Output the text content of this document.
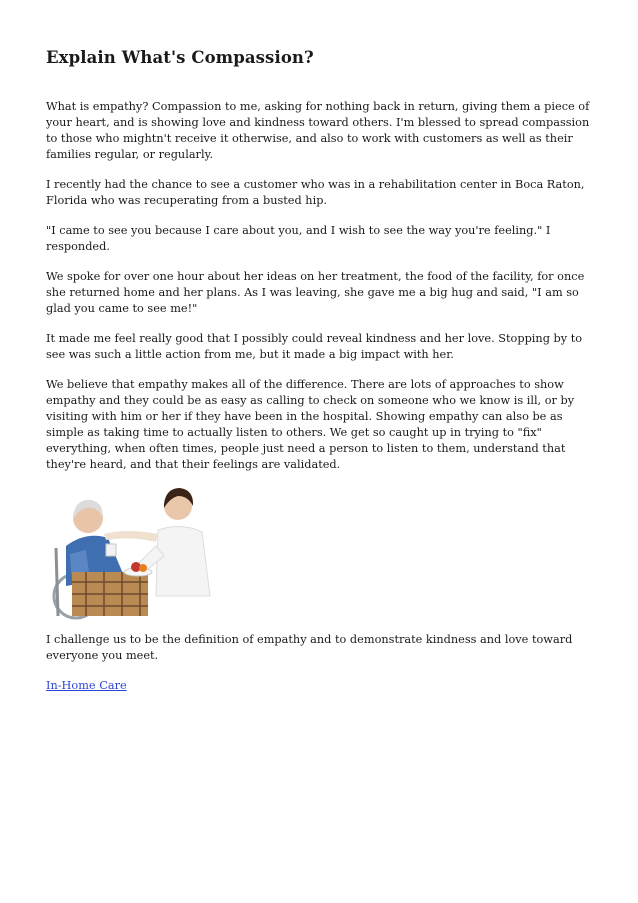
Explain What's Compassion?

What is empathy? Compassion to me, asking for nothing back in return, giving them a piece of your heart, and is showing love and kindness toward others. I'm blessed to spread compassion to those who mightn't receive it otherwise, and also to work with customers as well as their families regular, or regularly.

I recently had the chance to see a customer who was in a rehabilitation center in Boca Raton, Florida who was recuperating from a busted hip.

"I came to see you because I care about you, and I wish to see the way you're feeling." I responded.

We spoke for over one hour about her ideas on her treatment, the food of the facility, for once she returned home and her plans. As I was leaving, she gave me a big hug and said, "I am so glad you came to see me!"

It made me feel really good that I possibly could reveal kindness and her love. Stopping by to see was such a little action from me, but it made a big impact with her.

We believe that empathy makes all of the difference. There are lots of approaches to show empathy and they could be as easy as calling to check on someone who we know is ill, or by visiting with him or her if they have been in the hospital. Showing empathy can also be as simple as taking time to actually listen to others. We get so caught up in trying to "fix" everything, when often times, people just need a person to listen to them, understand that they're heard, and that their feelings are validated.

I challenge us to be the definition of empathy and to demonstrate kindness and love toward everyone you meet.

In-Home Care
